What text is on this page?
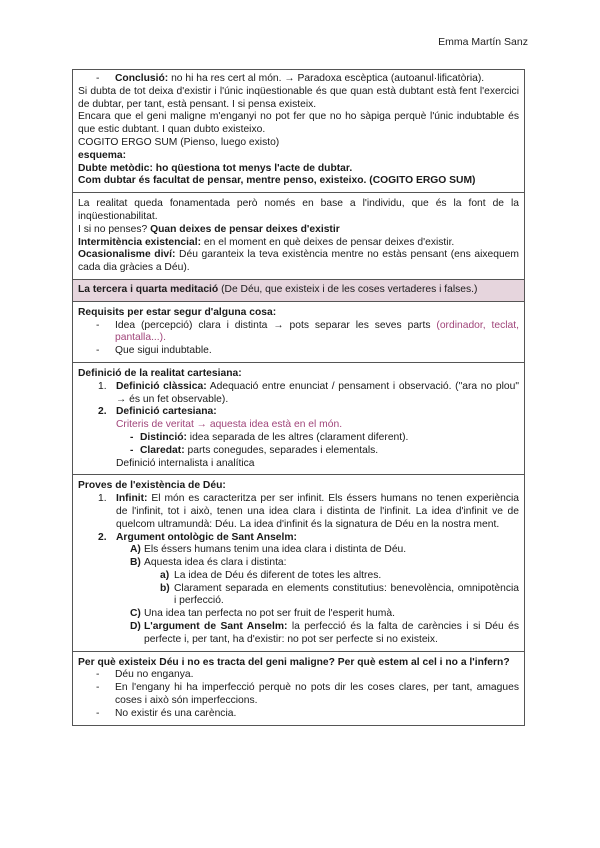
Emma Martín Sanz
-	Conclusió: no hi ha res cert al món. → Paradoxa escèptica (autoanul·lificatòria).
Si dubta de tot deixa d'existir i l'únic inqüestionable és que quan està dubtant està fent l'exercici de dubtar, per tant, està pensant. I si pensa existeix.
Encara que el geni maligne m'enganyi no pot fer que no ho sàpiga perquè l'únic indubtable és que estic dubtant. I quan dubto existeixo.
COGITO ERGO SUM (Pienso, luego existo)
esquema:
Dubte metòdic: ho qüestiona tot menys l'acte de dubtar.
Com dubtar és facultat de pensar, mentre penso, existeixo. (COGITO ERGO SUM)
La realitat queda fonamentada però només en base a l'individu, que és la font de la inqüestionabilitat.
I si no penses? Quan deixes de pensar deixes d'existir
Intermitència existencial: en el moment en què deixes de pensar deixes d'existir.
Ocasionalisme diví: Déu garanteix la teva existència mentre no estàs pensant (ens aixequem cada dia gràcies a Déu).
La tercera i quarta meditació (De Déu, que existeix i de les coses vertaderes i falses.)
Requisits per estar segur d'alguna cosa:
-	Idea (percepció) clara i distinta → pots separar les seves parts (ordinador, teclat, pantalla...).
-	Que sigui indubtable.
Definició de la realitat cartesiana:
1. Definició clàssica: Adequació entre enunciat / pensament i observació. ("ara no plou" → és un fet observable).
2. Definició cartesiana:
Criteris de veritat → aquesta idea està en el món.
- Distinció: idea separada de les altres (clarament diferent).
- Claredat: parts conegudes, separades i elementals.
Definició internalista i analítica
Proves de l'existència de Déu:
1. Infinit: El món es caracteritza per ser infinit. Els éssers humans no tenen experiència de l'infinit, tot i això, tenen una idea clara i distinta de l'infinit. La idea d'infinit ve de quelcom ultramundà: Déu. La idea d'infinit és la signatura de Déu en la nostra ment.
2. Argument ontològic de Sant Anselm:
A) Els éssers humans tenim una idea clara i distinta de Déu.
B) Aquesta idea és clara i distinta:
a) La idea de Déu és diferent de totes les altres.
b) Clarament separada en elements constitutius: benevolència, omnipotència i perfecció.
C) Una idea tan perfecta no pot ser fruit de l'esperit humà.
D) L'argument de Sant Anselm: la perfecció és la falta de carències i si Déu és perfecte i, per tant, ha d'existir: no pot ser perfecte si no existeix.
Per què existeix Déu i no es tracta del geni maligne? Per què estem al cel i no a l'infern?
-	Déu no enganya.
-	En l'engany hi ha imperfecció perquè no pots dir les coses clares, per tant, amagues coses i això són imperfeccions.
-	No existir és una carència.
